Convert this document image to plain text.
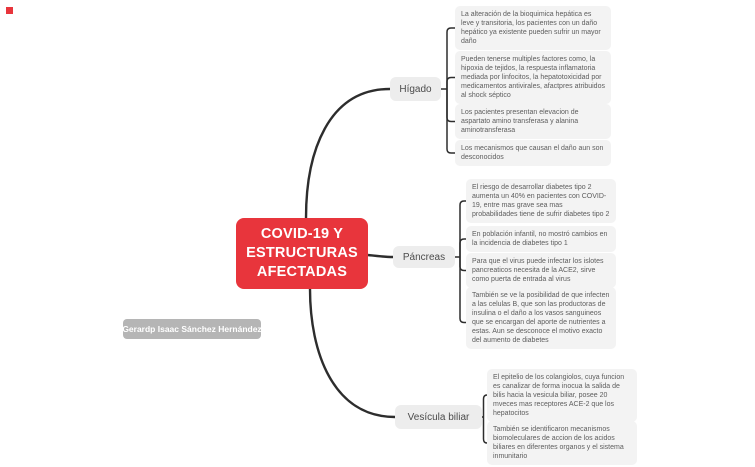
COVID-19 Y ESTRUCTURAS AFECTADAS
Hígado
Páncreas
Vesícula biliar
La alteración de la bioquimica hepática es leve y transitoria, los pacientes con un daño hepático ya existente pueden sufrir un mayor daño
Pueden tenerse multiples factores como, la hipoxia de tejidos, la respuesta inflamatoria mediada por linfocitos, la hepatotoxicidad por medicamentos antivirales, afactpres atribuidos al shock séptico
Los pacientes presentan elevacion de aspartato amino transferasa y alanina aminotransferasa
Los mecanismos que causan el daño aun son desconocidos
El riesgo de desarrollar diabetes tipo 2 aumenta un 40% en pacientes con COVID-19, entre mas grave sea mas probabilidades tiene de sufrir diabetes tipo 2
En población infantil, no mostró cambios en la incidencia de diabetes tipo 1
Para que el virus puede infectar los islotes pancreaticos necesita de la ACE2, sirve como puerta de entrada al virus
También se ve la posibilidad de que infecten a las celulas B, que son las productoras de insulina o el daño a los vasos sanguineos que se encargan del aporte de nutrientes a estas. Aun se desconoce el motivo exacto del aumento de diabetes
El epitelio de los colangiolos, cuya funcion es canalizar de forma inocua la salida de bilis hacia la vesicula biliar, posee 20 mveces mas receptores ACE-2 que los hepatocitos
También se identificaron mecanismos biomoleculares de accion de los acidos biliares en diferentes organos y el sistema inmunitario
Gerardp Isaac Sánchez Hernández
